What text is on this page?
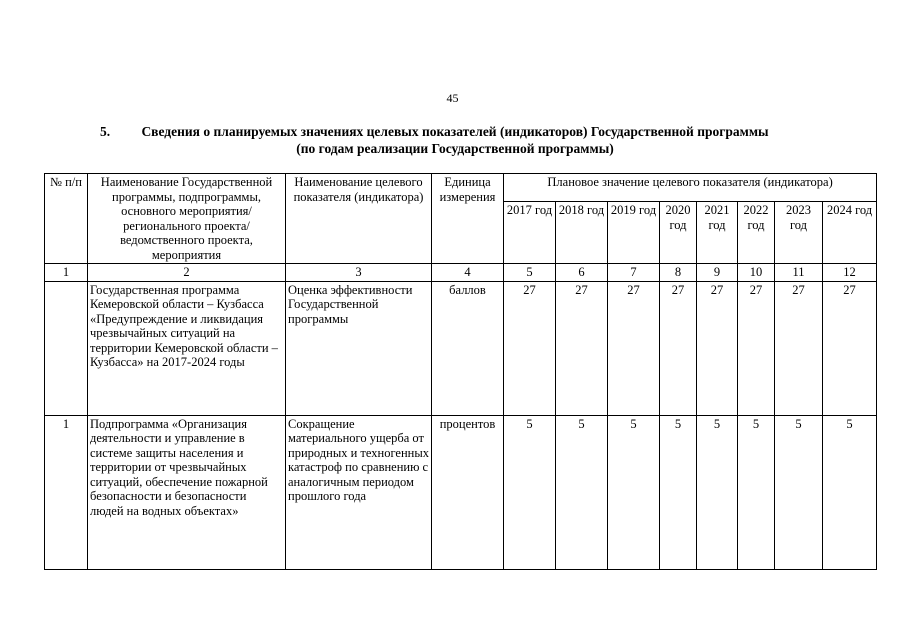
45
5.	Сведения о планируемых значениях целевых показателей (индикаторов) Государственной программы
(по годам реализации Государственной программы)
№ п/п	Наименование Государственной программы, подпрограммы, основного мероприятия/регионального проекта/ведомственного проекта, мероприятия	Наименование целевого показателя (индикатора)	Единица измерения	Плановое значение целевого показателя (индикатора)							
				2017 год	2018 год	2019 год	2020 год	2021 год	2022 год	2023 год	2024 год
1	2	3	4	5	6	7	8	9	10	11	12
	Государственная программа Кемеровской области – Кузбасса «Предупреждение и ликвидация чрезвычайных ситуаций на территории Кемеровской области – Кузбасса» на 2017-2024 годы	Оценка эффективности Государственной программы	баллов	27	27	27	27	27	27	27	27
1	Подпрограмма «Организация деятельности и управление в системе защиты населения и территории от чрезвычайных ситуаций, обеспечение пожарной безопасности и безопасности людей на водных объектах»	Сокращение материального ущерба от природных и техногенных катастроф по сравнению с аналогичным периодом прошлого года	процентов	5	5	5	5	5	5	5	5
